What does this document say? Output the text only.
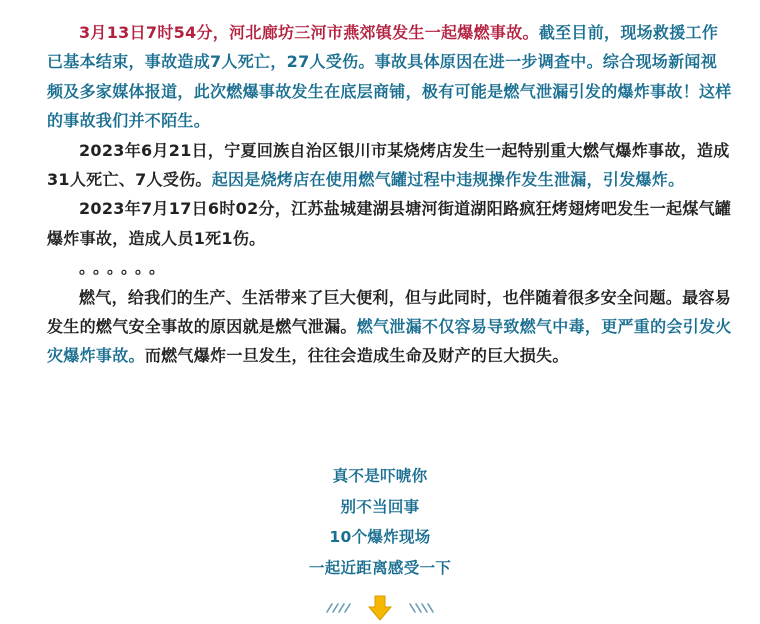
3月13日7时54分，河北廊坊三河市燕郊镇发生一起爆燃事故。截至目前，现场救援工作已基本结束，事故造成7人死亡，27人受伤。事故具体原因在进一步调查中。综合现场新闻视频及多家媒体报道，此次燃爆事故发生在底层商铺，极有可能是燃气泄漏引发的爆炸事故！这样的事故我们并不陌生。

2023年6月21日，宁夏回族自治区银川市某烧烤店发生一起特别重大燃气爆炸事故，造成31人死亡、7人受伤。起因是烧烤店在使用燃气罐过程中违规操作发生泄漏，引发爆炸。

2023年7月17日6时02分，江苏盐城建湖县塘河街道湖阳路疯狂烤翅烤吧发生一起煤气罐爆炸事故，造成人员1死1伤。

。。。。。。

燃气，给我们的生产、生活带来了巨大便利，但与此同时，也伴随着很多安全问题。最容易发生的燃气安全事故的原因就是燃气泄漏。燃气泄漏不仅容易导致燃气中毒，更严重的会引发火灾爆炸事故。而燃气爆炸一旦发生，往往会造成生命及财产的巨大损失。

真不是吓唬你
别不当回事
10个爆炸现场
一起近距离感受一下
